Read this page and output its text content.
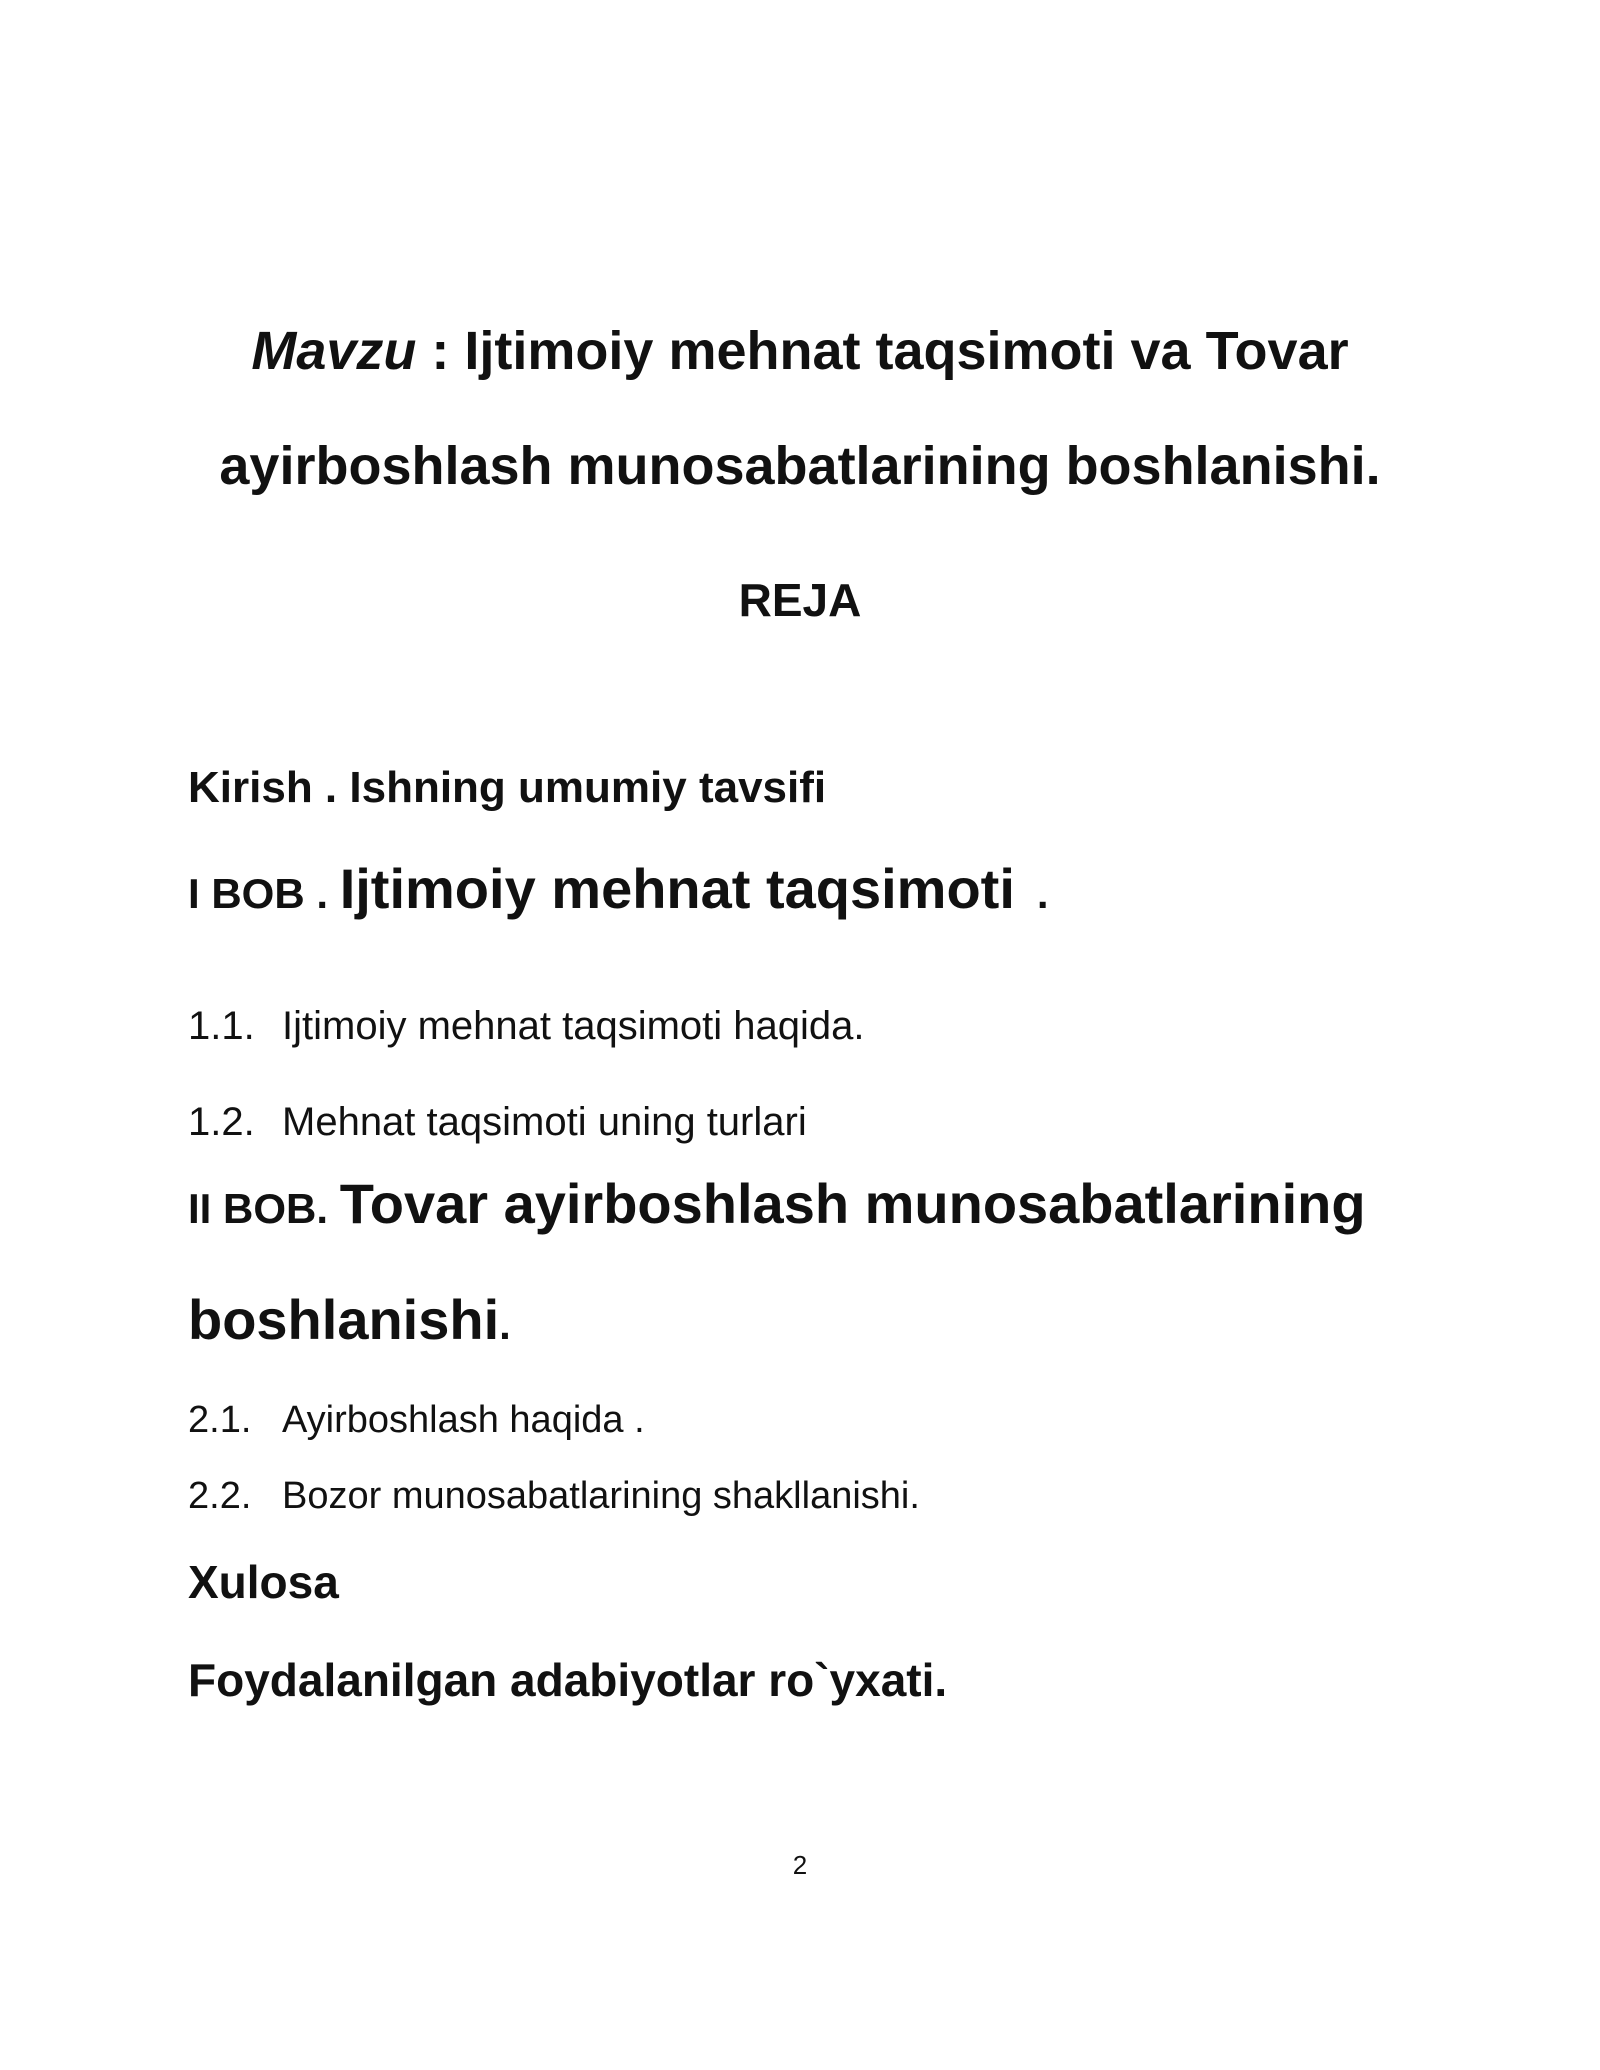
Mavzu : Ijtimoiy mehnat taqsimoti va Tovar
ayirboshlash munosabatlarining boshlanishi.
REJA
Kirish . Ishning umumiy tavsifi
I BOB . Ijtimoiy mehnat taqsimoti .
1.1. Ijtimoiy mehnat taqsimoti haqida.
1.2. Mehnat taqsimoti uning turlari
II BOB. Tovar ayirboshlash munosabatlarining
boshlanishi.
2.1. Ayirboshlash haqida .
2.2. Bozor munosabatlarining shakllanishi.
Xulosa
Foydalanilgan adabiyotlar ro`yxati.
2
